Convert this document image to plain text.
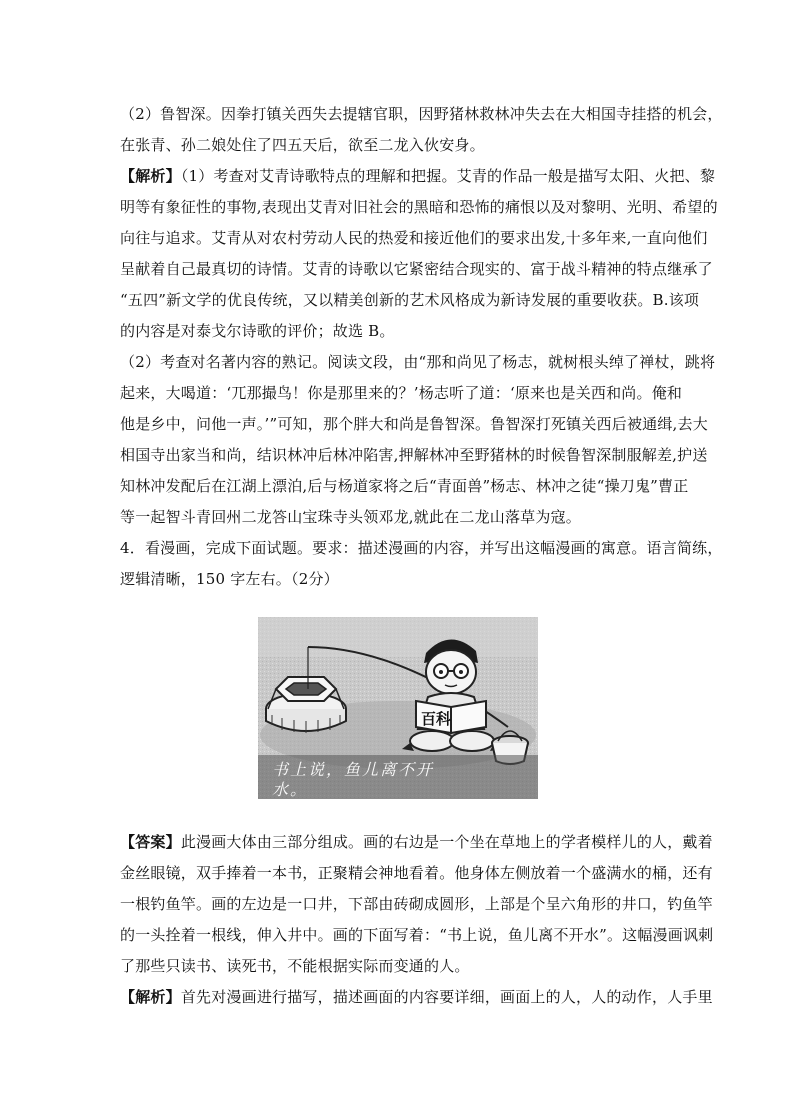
（2）鲁智深。因拳打镇关西失去提辖官职，因野猪林救林冲失去在大相国寺挂搭的机会，
在张青、孙二娘处住了四五天后，欲至二龙入伙安身。
【解析】（1）考查对艾青诗歌特点的理解和把握。艾青的作品一般是描写太阳、火把、黎
明等有象征性的事物,表现出艾青对旧社会的黑暗和恐怖的痛恨以及对黎明、光明、希望的
向往与追求。艾青从对农村劳动人民的热爱和接近他们的要求出发,十多年来,一直向他们
呈献着自己最真切的诗情。艾青的诗歌以它紧密结合现实的、富于战斗精神的特点继承了
“五四”新文学的优良传统，又以精美创新的艺术风格成为新诗发展的重要收获。B.该项
的内容是对泰戈尔诗歌的评价；故选 B。
（2）考查对名著内容的熟记。阅读文段，由“那和尚见了杨志，就树根头绰了禅杖，跳将
起来，大喝道：‘兀那撮鸟！你是那里来的？’杨志听了道：‘原来也是关西和尚。俺和
他是乡中，问他一声。’”可知，那个胖大和尚是鲁智深。鲁智深打死镇关西后被通缉,去大
相国寺出家当和尚，结识林冲后林冲陷害,押解林冲至野猪林的时候鲁智深制服解差,护送
知林冲发配后在江湖上漂泊,后与杨道家将之后“青面兽”杨志、林冲之徒“操刀鬼”曹正
等一起智斗青回州二龙答山宝珠寺头领邓龙,就此在二龙山落草为寇。
4．看漫画，完成下面试题。要求：描述漫画的内容，并写出这幅漫画的寓意。语言简练，
逻辑清晰，150 字左右。（2分）
百科
书上说，鱼儿离不开
水。
【答案】此漫画大体由三部分组成。画的右边是一个坐在草地上的学者模样儿的人，戴着
金丝眼镜，双手捧着一本书，正聚精会神地看着。他身体左侧放着一个盛满水的桶，还有
一根钓鱼竿。画的左边是一口井，下部由砖砌成圆形，上部是个呈六角形的井口，钓鱼竿
的一头拴着一根线，伸入井中。画的下面写着：“书上说，鱼儿离不开水”。这幅漫画讽刺
了那些只读书、读死书，不能根据实际而变通的人。
【解析】首先对漫画进行描写，描述画面的内容要详细，画面上的人，人的动作，人手里
